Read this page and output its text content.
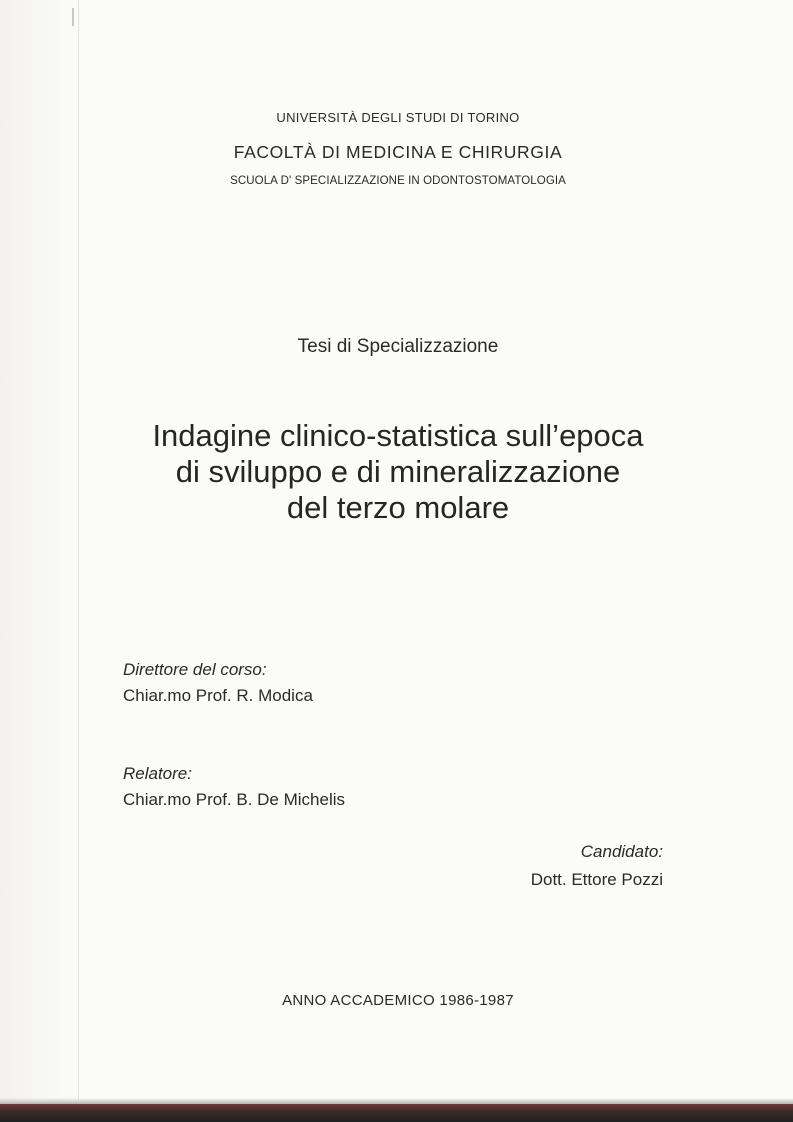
UNIVERSITÀ DEGLI STUDI DI TORINO
FACOLTÀ DI MEDICINA E CHIRURGIA
SCUOLA D' SPECIALIZZAZIONE IN ODONTOSTOMATOLOGIA
Tesi di Specializzazione
Indagine clinico-statistica sull’epoca
di sviluppo e di mineralizzazione
del terzo molare
Direttore del corso:
Chiar.mo Prof. R. Modica
Relatore:
Chiar.mo Prof. B. De Michelis
Candidato:
Dott. Ettore Pozzi
ANNO ACCADEMICO 1986-1987
